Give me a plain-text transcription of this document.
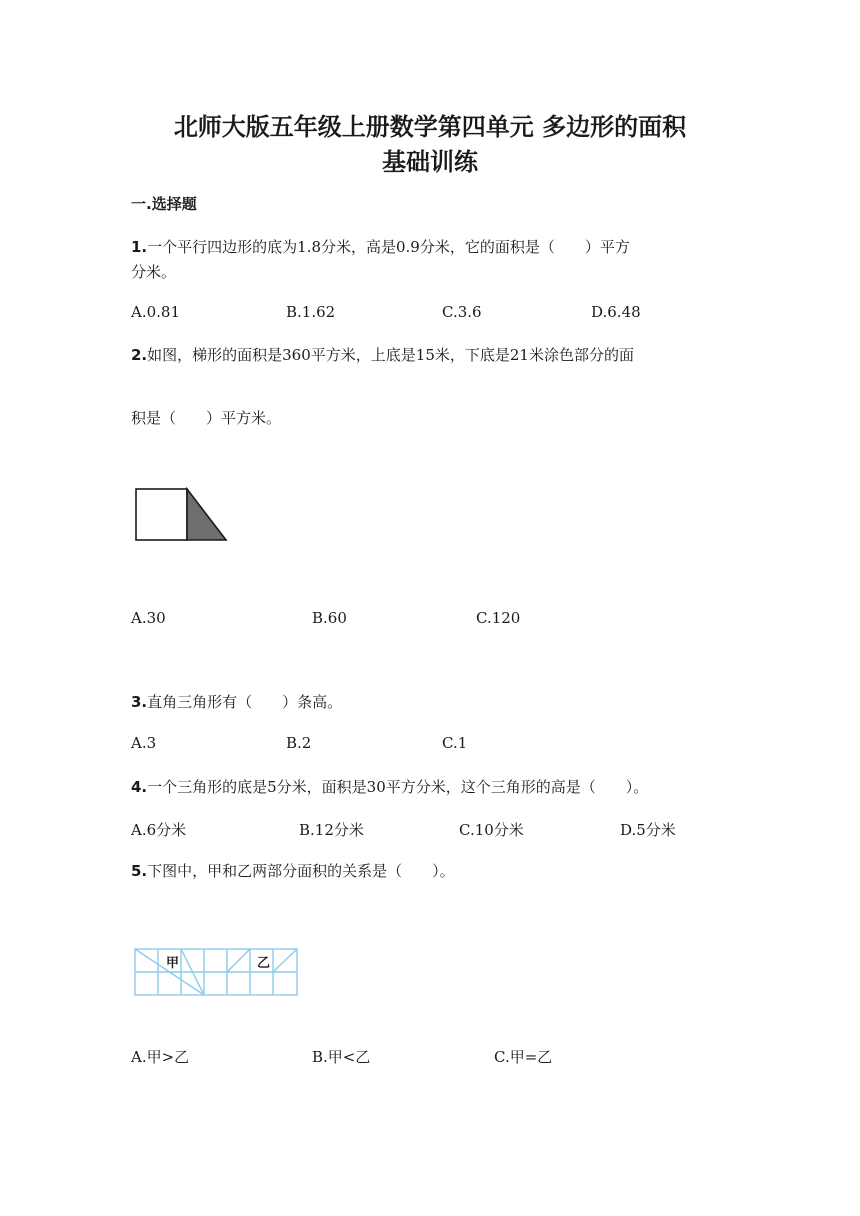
北师大版五年级上册数学第四单元 多边形的面积
基础训练
一.选择题
1.一个平行四边形的底为1.8分米，高是0.9分米，它的面积是（　　）平方
分米。
A.0.81	B.1.62	C.3.6	D.6.48
2.如图，梯形的面积是360平方米，上底是15米，下底是21米涂色部分的面
积是（　　）平方米。
A.30	B.60	C.120
3.直角三角形有（　　）条高。
A.3	B.2	C.1
4.一个三角形的底是5分米，面积是30平方分米，这个三角形的高是（　　）。
A.6分米	B.12分米	C.10分米	D.5分米
5.下图中，甲和乙两部分面积的关系是（　　）。
甲	乙
A.甲>乙	B.甲<乙	C.甲=乙
